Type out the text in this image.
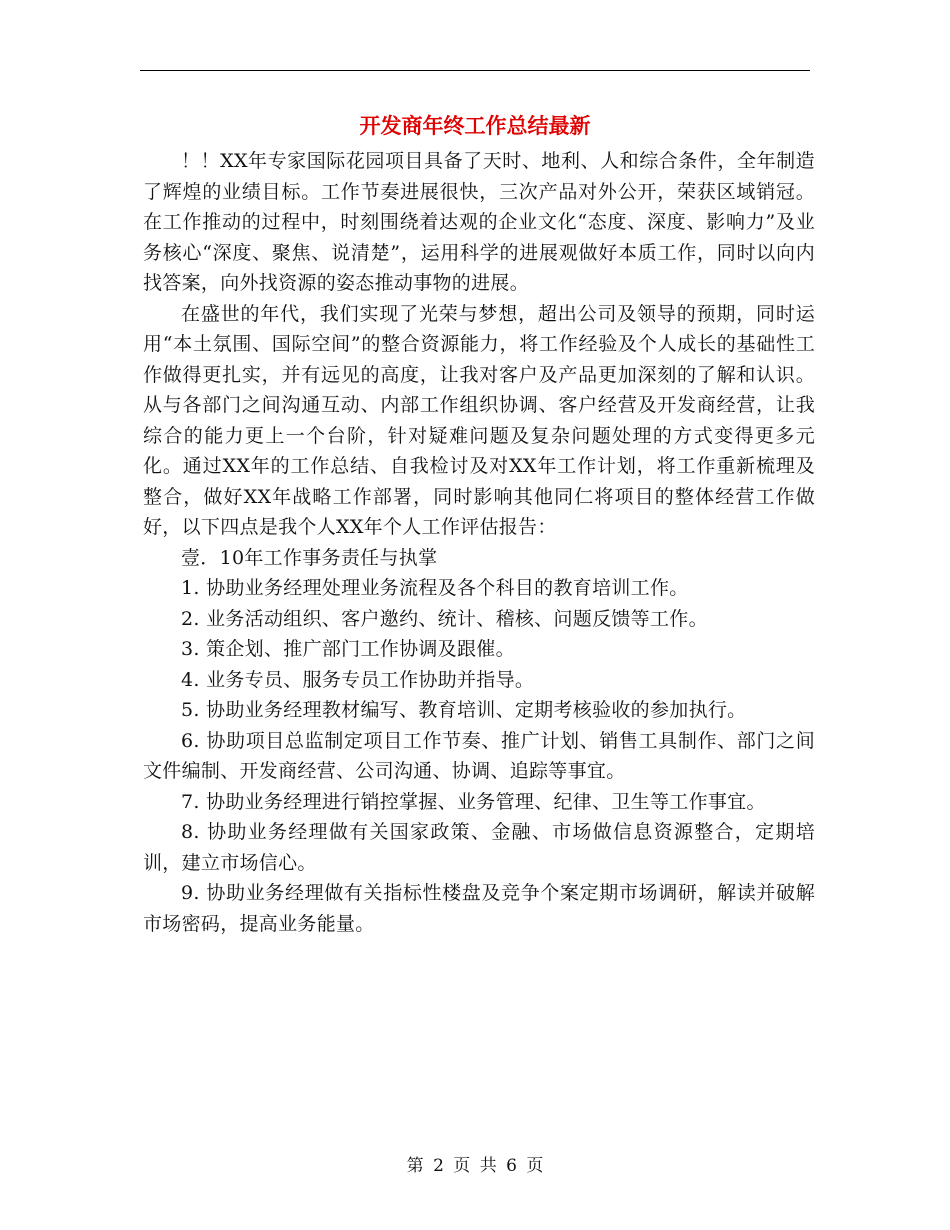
开发商年终工作总结最新

！！XX年专家国际花园项目具备了天时、地利、人和综合条件，全年制造了辉煌的业绩目标。工作节奏进展很快，三次产品对外公开，荣获区域销冠。在工作推动的过程中，时刻围绕着达观的企业文化“态度、深度、影响力”及业务核心“深度、聚焦、说清楚”，运用科学的进展观做好本质工作，同时以向内找答案，向外找资源的姿态推动事物的进展。

在盛世的年代，我们实现了光荣与梦想，超出公司及领导的预期，同时运用“本土氛围、国际空间”的整合资源能力，将工作经验及个人成长的基础性工作做得更扎实，并有远见的高度，让我对客户及产品更加深刻的了解和认识。从与各部门之间沟通互动、内部工作组织协调、客户经营及开发商经营，让我综合的能力更上一个台阶，针对疑难问题及复杂问题处理的方式变得更多元化。通过XX年的工作总结、自我检讨及对XX年工作计划，将工作重新梳理及整合，做好XX年战略工作部署，同时影响其他同仁将项目的整体经营工作做好，以下四点是我个人XX年个人工作评估报告：

壹．10年工作事务责任与执掌

1. 协助业务经理处理业务流程及各个科目的教育培训工作。

2. 业务活动组织、客户邀约、统计、稽核、问题反馈等工作。

3. 策企划、推广部门工作协调及跟催。

4. 业务专员、服务专员工作协助并指导。

5. 协助业务经理教材编写、教育培训、定期考核验收的参加执行。

6. 协助项目总监制定项目工作节奏、推广计划、销售工具制作、部门之间文件编制、开发商经营、公司沟通、协调、追踪等事宜。

7. 协助业务经理进行销控掌握、业务管理、纪律、卫生等工作事宜。

8. 协助业务经理做有关国家政策、金融、市场做信息资源整合，定期培训，建立市场信心。

9. 协助业务经理做有关指标性楼盘及竞争个案定期市场调研，解读并破解市场密码，提高业务能量。

第 2 页 共 6 页
